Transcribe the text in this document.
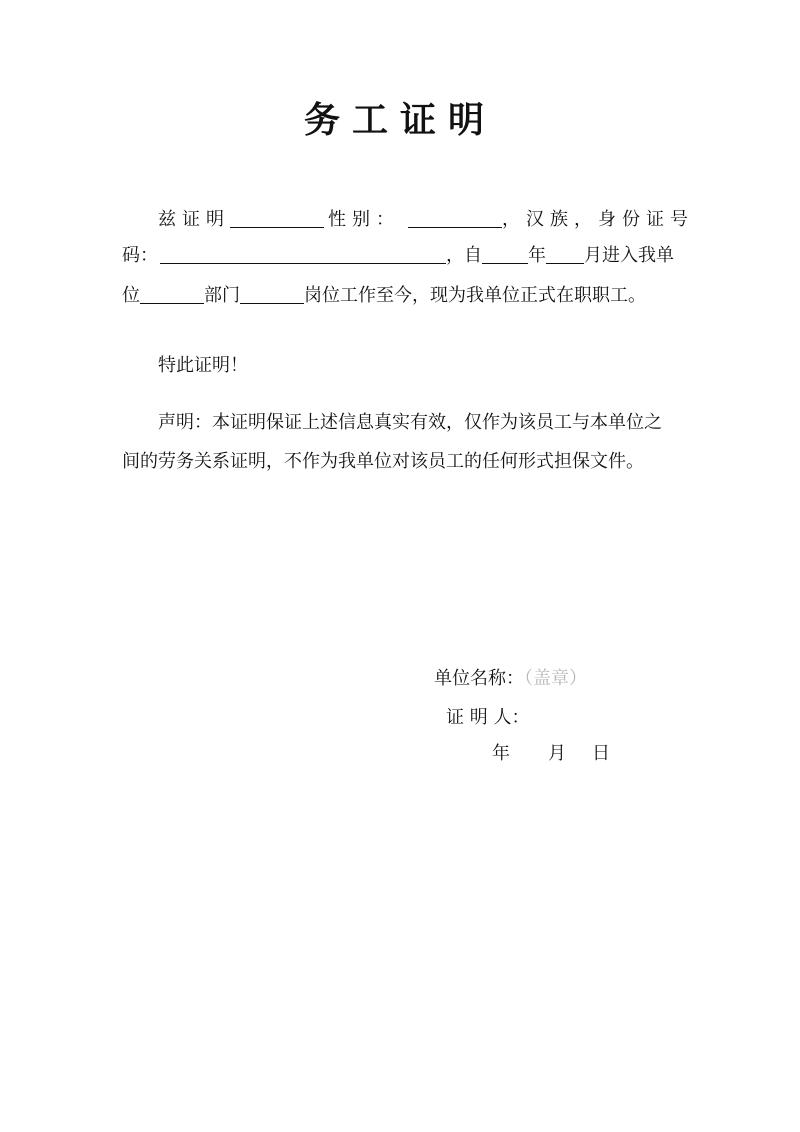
务工证明
兹证明	性别：	，汉族，身份证号
码：	，自	年 月进入我单
位	部门	岗位工作至今，现为我单位正式在职职工。
特此证明！
声明：本证明保证上述信息真实有效，仅作为该员工与本单位之
间的劳务关系证明，不作为我单位对该员工的任何形式担保文件。
单位名称：（盖章）
证 明 人：
年 月 日
